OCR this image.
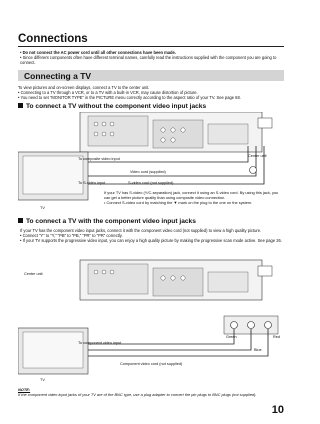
Connections
• Do not connect the AC power cord until all other connections have been made.
• Since different components often have different terminal names, carefully read the instructions supplied with the component you are going to connect.
Connecting a TV
To view pictures and on-screen displays, connect a TV to the center unit.
• Connecting to a TV through a VCR, or to a TV with a built-in VCR, may cause distortion of picture.
• You need to set "MONITOR TYPE" in the PICTURE menu correctly according to the aspect ratio of your TV. See page 68.
To connect a TV without the component video input jacks
To composite video input
Video cord (supplied)
To S-video input	S-video cord (not supplied)
Center unit
TV
If your TV has S-video (Y/C-separation) jack, connect it using an S-video cord. By using this jack, you can get a better picture quality than using composite video connection.
• Connect S-video cord by matching the ▼ mark on the plug to the one on the system.
To connect a TV with the component video input jacks
If your TV has the component video input jacks, connect it with the component video cord (not supplied) to view a high quality picture.
• Connect "Y" to "Y," "PB" to "PB," "PR" to "PR" correctly.
• If your TV supports the progressive video input, you can enjoy a high quality picture by making the progressive scan mode active. See page 26.
Center unit
To component video input
Component video cord (not supplied)
Green	Red
Blue
TV
NOTE:
If the component video input jacks of your TV are of the BNC type, use a plug adapter to convert the pin plugs to BNC plugs (not supplied).
10
